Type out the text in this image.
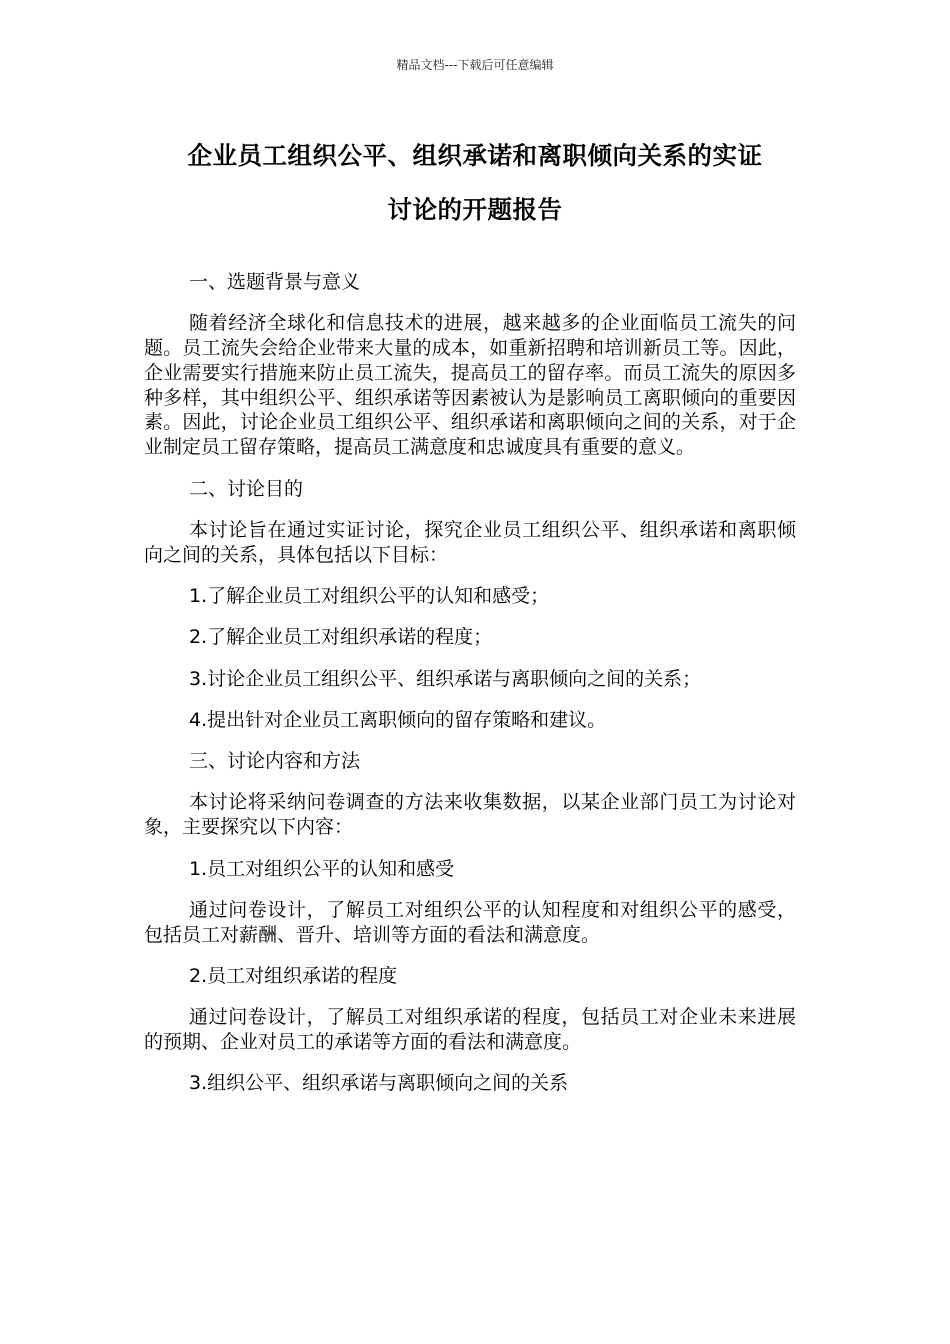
精品文档---下载后可任意编辑
企业员工组织公平、组织承诺和离职倾向关系的实证
讨论的开题报告

一、选题背景与意义

随着经济全球化和信息技术的进展，越来越多的企业面临员工流失的问题。员工流失会给企业带来大量的成本，如重新招聘和培训新员工等。因此，企业需要实行措施来防止员工流失，提高员工的留存率。而员工流失的原因多种多样，其中组织公平、组织承诺等因素被认为是影响员工离职倾向的重要因素。因此，讨论企业员工组织公平、组织承诺和离职倾向之间的关系，对于企业制定员工留存策略，提高员工满意度和忠诚度具有重要的意义。

二、讨论目的

本讨论旨在通过实证讨论，探究企业员工组织公平、组织承诺和离职倾向之间的关系，具体包括以下目标：

1.了解企业员工对组织公平的认知和感受；

2.了解企业员工对组织承诺的程度；

3.讨论企业员工组织公平、组织承诺与离职倾向之间的关系；

4.提出针对企业员工离职倾向的留存策略和建议。

三、讨论内容和方法

本讨论将采纳问卷调查的方法来收集数据，以某企业部门员工为讨论对象，主要探究以下内容：

1.员工对组织公平的认知和感受

通过问卷设计，了解员工对组织公平的认知程度和对组织公平的感受，包括员工对薪酬、晋升、培训等方面的看法和满意度。

2.员工对组织承诺的程度

通过问卷设计，了解员工对组织承诺的程度，包括员工对企业未来进展的预期、企业对员工的承诺等方面的看法和满意度。

3.组织公平、组织承诺与离职倾向之间的关系
